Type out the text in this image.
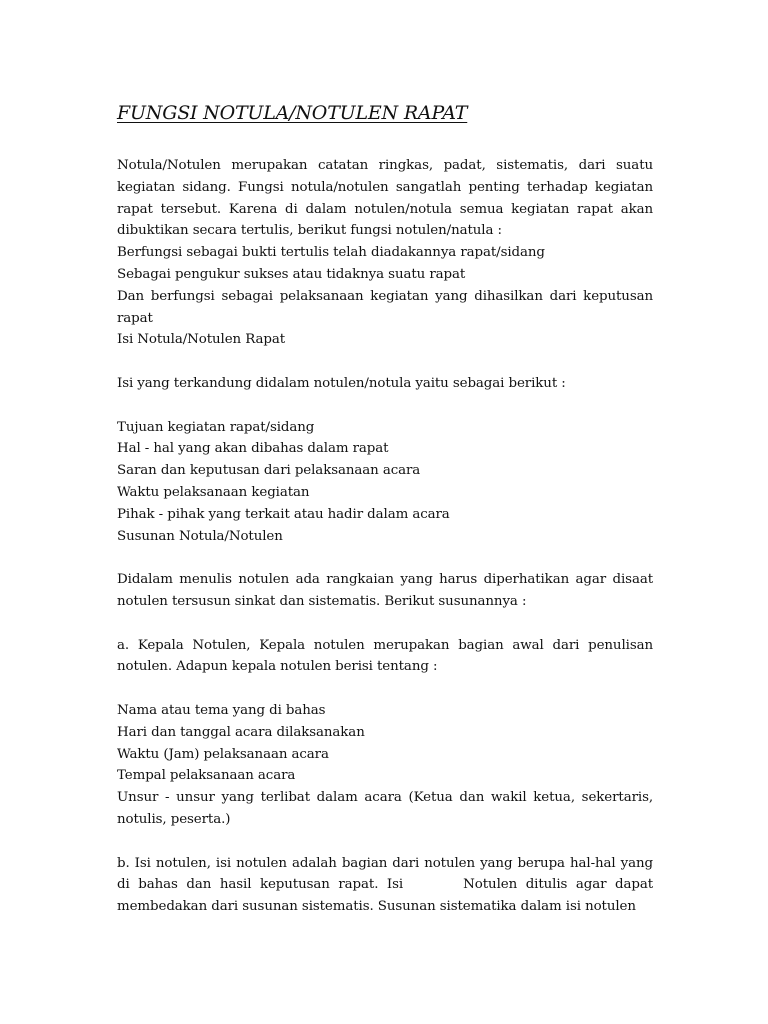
FUNGSI NOTULA/NOTULEN RAPAT

Notula/Notulen merupakan catatan ringkas, padat, sistematis, dari suatu kegiatan sidang. Fungsi notula/notulen sangatlah penting terhadap kegiatan rapat tersebut. Karena di dalam notulen/notula semua kegiatan rapat akan dibuktikan secara tertulis, berikut fungsi notulen/natula :

Berfungsi sebagai bukti tertulis telah diadakannya rapat/sidang
Sebagai pengukur sukses atau tidaknya suatu rapat
Dan berfungsi sebagai pelaksanaan kegiatan yang dihasilkan dari keputusan rapat
Isi Notula/Notulen Rapat

Isi yang terkandung didalam notulen/notula yaitu sebagai berikut :

Tujuan kegiatan rapat/sidang
Hal - hal yang akan dibahas dalam rapat
Saran dan keputusan dari pelaksanaan acara
Waktu pelaksanaan kegiatan
Pihak - pihak yang terkait atau hadir dalam acara
Susunan Notula/Notulen

Didalam menulis notulen ada rangkaian yang harus diperhatikan agar disaat notulen tersusun sinkat dan sistematis. Berikut susunannya :

a. Kepala Notulen, Kepala notulen merupakan bagian awal dari penulisan notulen. Adapun kepala notulen berisi tentang :

Nama atau tema yang di bahas
Hari dan tanggal acara dilaksanakan
Waktu (Jam) pelaksanaan acara
Tempal pelaksanaan acara
Unsur - unsur yang terlibat dalam acara (Ketua dan wakil ketua, sekertaris, notulis, peserta.)

b. Isi notulen, isi notulen adalah bagian dari notulen yang berupa hal-hal yang di bahas dan hasil keputusan rapat. Isi       Notulen ditulis agar dapat membedakan dari susunan sistematis. Susunan sistematika dalam isi notulen
